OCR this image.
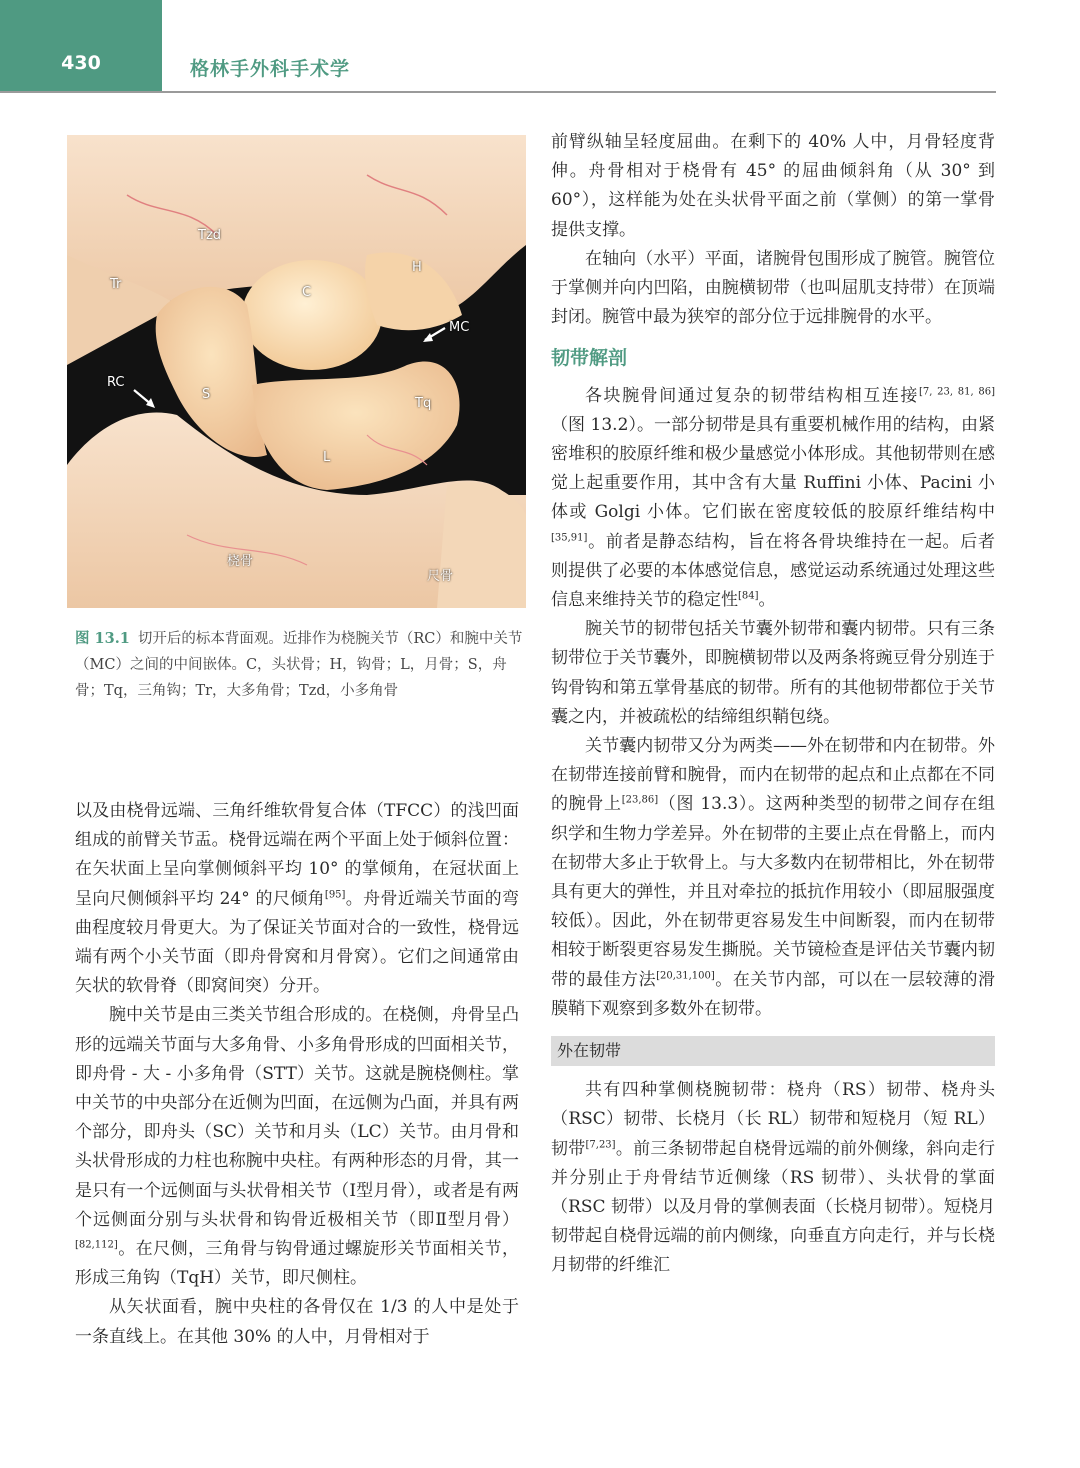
430	格林手外科手术学
Tzd
Tr
C
H
MC
RC
S
Tq
L
桡骨
尺骨
图 13.1 切开后的标本背面观。近排作为桡腕关节（RC）和腕中关节（MC）之间的中间嵌体。C，头状骨；H，钩骨；L，月骨；S，舟骨；Tq，三角钩；Tr，大多角骨；Tzd，小多角骨

以及由桡骨远端、三角纤维软骨复合体（TFCC）的浅凹面组成的前臂关节盂。桡骨远端在两个平面上处于倾斜位置：在矢状面上呈向掌侧倾斜平均 10° 的掌倾角，在冠状面上呈向尺侧倾斜平均 24° 的尺倾角[95]。舟骨近端关节面的弯曲程度较月骨更大。为了保证关节面对合的一致性，桡骨远端有两个小关节面（即舟骨窝和月骨窝）。它们之间通常由矢状的软骨脊（即窝间突）分开。

腕中关节是由三类关节组合形成的。在桡侧，舟骨呈凸形的远端关节面与大多角骨、小多角骨形成的凹面相关节，即舟骨 - 大 - 小多角骨（STT）关节。这就是腕桡侧柱。掌中关节的中央部分在近侧为凹面，在远侧为凸面，并具有两个部分，即舟头（SC）关节和月头（LC）关节。由月骨和头状骨形成的力柱也称腕中央柱。有两种形态的月骨，其一是只有一个远侧面与头状骨相关节（Ⅰ型月骨），或者是有两个远侧面分别与头状骨和钩骨近极相关节（即Ⅱ型月骨）[82,112]。在尺侧，三角骨与钩骨通过螺旋形关节面相关节，形成三角钩（TqH）关节，即尺侧柱。

从矢状面看，腕中央柱的各骨仅在 1/3 的人中是处于一条直线上。在其他 30% 的人中，月骨相对于

前臂纵轴呈轻度屈曲。在剩下的 40% 人中，月骨轻度背伸。舟骨相对于桡骨有 45° 的屈曲倾斜角（从 30° 到 60°），这样能为处在头状骨平面之前（掌侧）的第一掌骨提供支撑。

在轴向（水平）平面，诸腕骨包围形成了腕管。腕管位于掌侧并向内凹陷，由腕横韧带（也叫屈肌支持带）在顶端封闭。腕管中最为狭窄的部分位于远排腕骨的水平。

韧带解剖

各块腕骨间通过复杂的韧带结构相互连接[7, 23, 81, 86]（图 13.2）。一部分韧带是具有重要机械作用的结构，由紧密堆积的胶原纤维和极少量感觉小体形成。其他韧带则在感觉上起重要作用，其中含有大量 Ruffini 小体、Pacini 小体或 Golgi 小体。它们嵌在密度较低的胶原纤维结构中[35,91]。前者是静态结构，旨在将各骨块维持在一起。后者则提供了必要的本体感觉信息，感觉运动系统通过处理这些信息来维持关节的稳定性[84]。

腕关节的韧带包括关节囊外韧带和囊内韧带。只有三条韧带位于关节囊外，即腕横韧带以及两条将豌豆骨分别连于钩骨钩和第五掌骨基底的韧带。所有的其他韧带都位于关节囊之内，并被疏松的结缔组织鞘包绕。

关节囊内韧带又分为两类——外在韧带和内在韧带。外在韧带连接前臂和腕骨，而内在韧带的起点和止点都在不同的腕骨上[23,86]（图 13.3）。这两种类型的韧带之间存在组织学和生物力学差异。外在韧带的主要止点在骨骼上，而内在韧带大多止于软骨上。与大多数内在韧带相比，外在韧带具有更大的弹性，并且对牵拉的抵抗作用较小（即屈服强度较低）。因此，外在韧带更容易发生中间断裂，而内在韧带相较于断裂更容易发生撕脱。关节镜检查是评估关节囊内韧带的最佳方法[20,31,100]。在关节内部，可以在一层较薄的滑膜鞘下观察到多数外在韧带。

外在韧带

共有四种掌侧桡腕韧带：桡舟（RS）韧带、桡舟头（RSC）韧带、长桡月（长 RL）韧带和短桡月（短 RL）韧带[7,23]。前三条韧带起自桡骨远端的前外侧缘，斜向走行并分别止于舟骨结节近侧缘（RS 韧带）、头状骨的掌面（RSC 韧带）以及月骨的掌侧表面（长桡月韧带）。短桡月韧带起自桡骨远端的前内侧缘，向垂直方向走行，并与长桡月韧带的纤维汇
